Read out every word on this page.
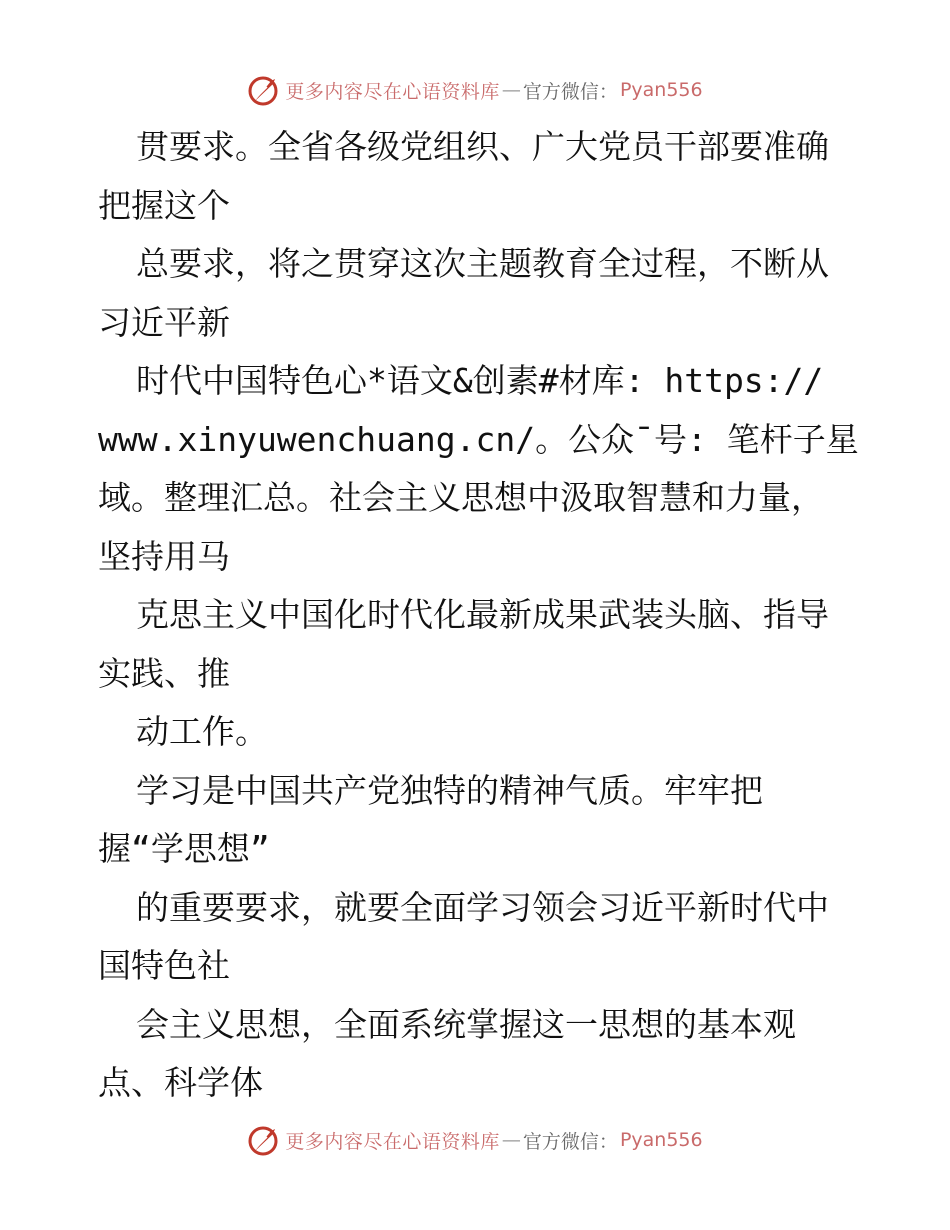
更多内容尽在心语资料库 — 官方微信： Pyan556
贯要求。全省各级党组织、广大党员干部要准确
把握这个
总要求，将之贯穿这次主题教育全过程，不断从
习近平新
时代中国特色心*语文&创素#材库: https://
www.xinyuwenchuang.cn/。公众¯号: 笔杆子星
域。整理汇总。社会主义思想中汲取智慧和力量，
坚持用马
克思主义中国化时代化最新成果武装头脑、指导
实践、推
动工作。
学习是中国共产党独特的精神气质。牢牢把
握“学思想”
的重要要求，就要全面学习领会习近平新时代中
国特色社
会主义思想，全面系统掌握这一思想的基本观
点、科学体
更多内容尽在心语资料库 — 官方微信： Pyan556
